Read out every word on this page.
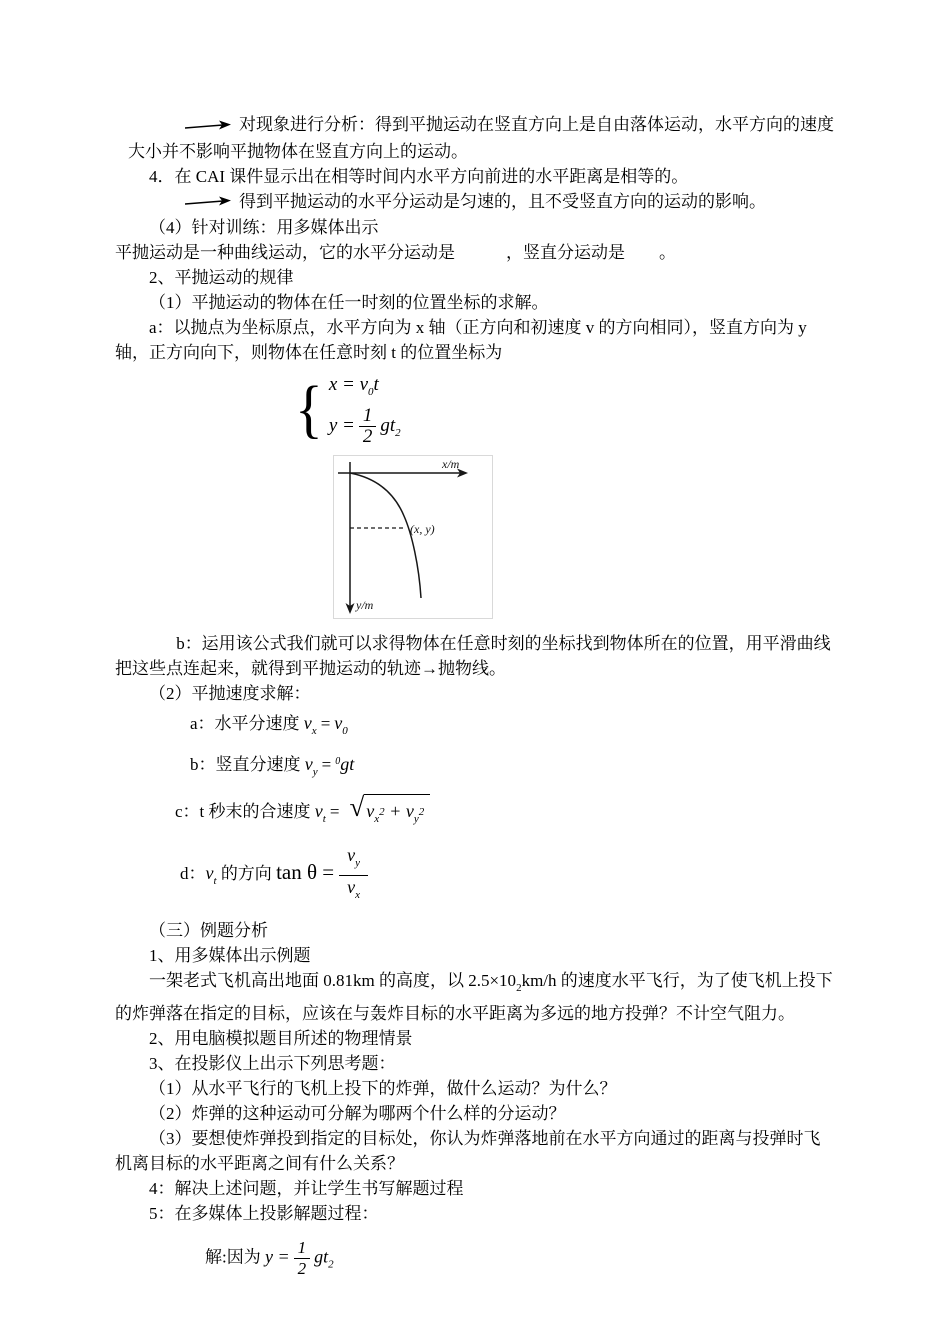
对现象进行分析：得到平抛运动在竖直方向上是自由落体运动，水平方向的速度大小并不影响平抛物体在竖直方向上的运动。

4．在 CAI 课件显示出在相等时间内水平方向前进的水平距离是相等的。

得到平抛运动的水平分运动是匀速的，且不受竖直方向的运动的影响。

（4）针对训练：用多媒体出示

平抛运动是一种曲线运动，它的水平分运动是　　　，竖直分运动是　　。

2、平抛运动的规律

（1）平抛运动的物体在任一时刻的位置坐标的求解。

a：以抛点为坐标原点，水平方向为 x 轴（正方向和初速度 v 的方向相同），竖直方向为 y 轴，正方向向下，则物体在任意时刻 t 的位置坐标为

{ $x = v_0t$
$y = \frac{1}{2} gt_2$
x/m
(x, y)
y/m

b：运用该公式我们就可以求得物体在任意时刻的坐标找到物体所在的位置，用平滑曲线把这些点连起来，就得到平抛运动的轨迹→抛物线。

（2）平抛速度求解：

a：水平分速度 $v_x = v_0$

b：竖直分速度 $v_y = ^0gt$

c：t 秒末的合速度 $v_t$ = √ $v_x2 + v_y2$

d：$v_t$ 的方向 $\tan \theta = \frac{v_y}{v_x}$

（三）例题分析

1、用多媒体出示例题

一架老式飞机高出地面 0.81km 的高度，以 $2.5\times 10_2km/h$ 的速度水平飞行，为了使飞机上投下的炸弹落在指定的目标，应该在与轰炸目标的水平距离为多远的地方投弹？不计空气阻力。

2、用电脑模拟题目所述的物理情景

3、在投影仪上出示下列思考题：

（1）从水平飞行的飞机上投下的炸弹，做什么运动？为什么？

（2）炸弹的这种运动可分解为哪两个什么样的分运动？

（3）要想使炸弹投到指定的目标处，你认为炸弹落地前在水平方向通过的距离与投弹时飞机离目标的水平距离之间有什么关系？

4：解决上述问题，并让学生书写解题过程

5：在多媒体上投影解题过程：

解:因为 $y = \frac{1}{2} gt_2$
